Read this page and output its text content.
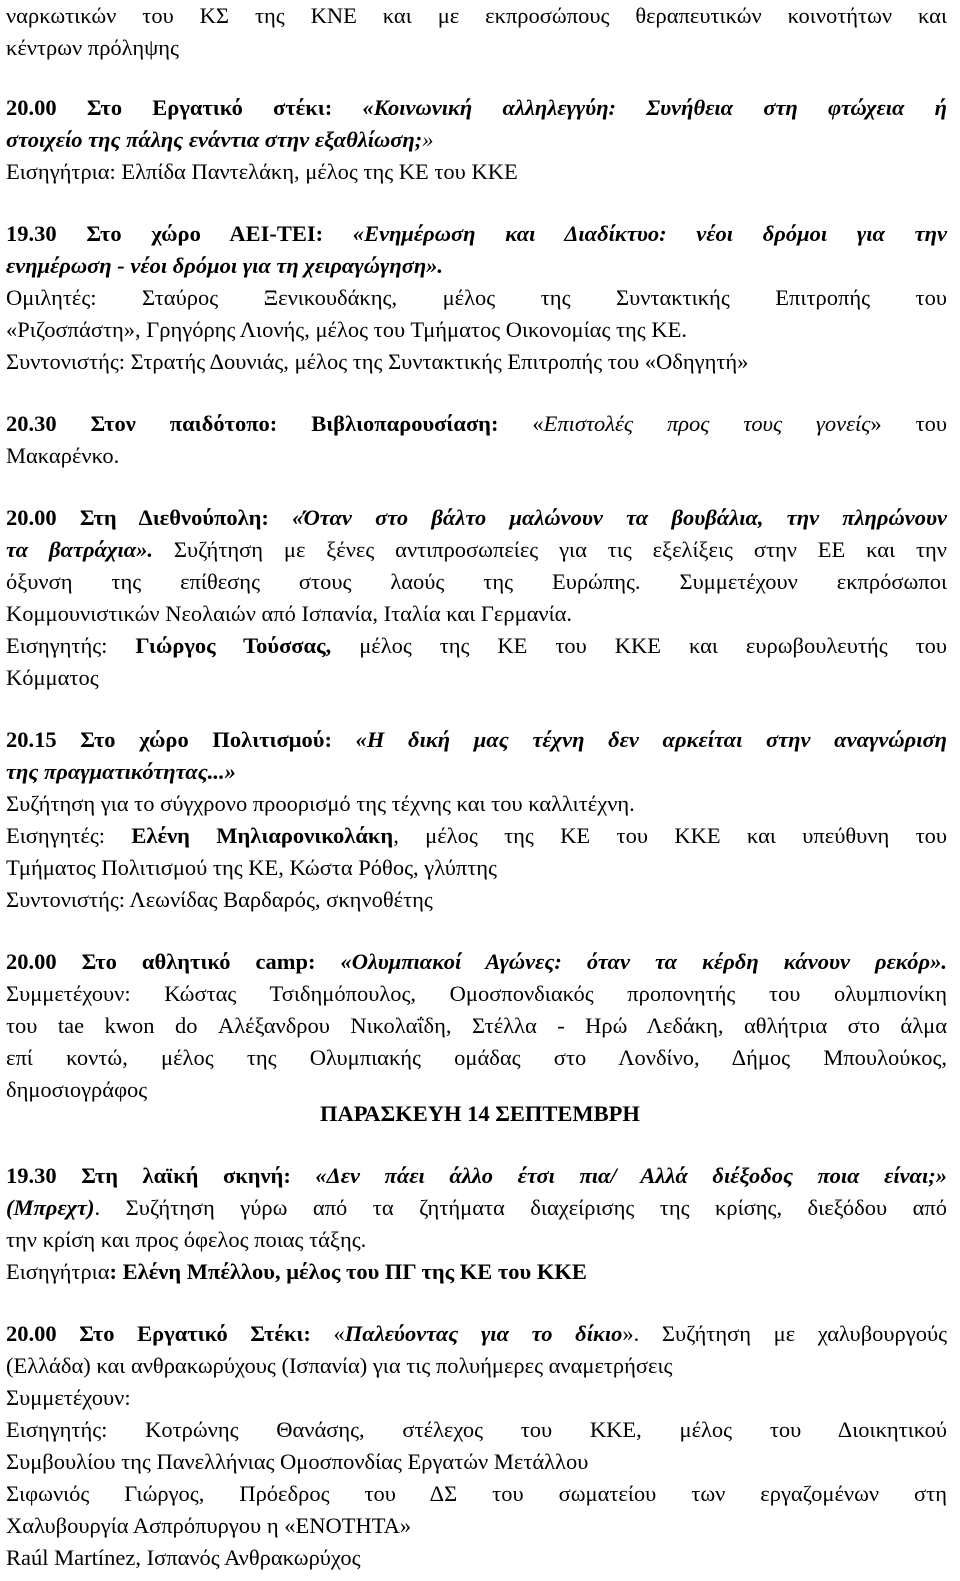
ναρκωτικών του ΚΣ της ΚΝΕ και με εκπροσώπους θεραπευτικών κοινοτήτων και
κέντρων πρόληψης
20.00 Στο Εργατικό στέκι: «Κοινωνική αλληλεγγύη: Συνήθεια στη φτώχεια ή
στοιχείο της πάλης ενάντια στην εξαθλίωση;»
Εισηγήτρια: Ελπίδα Παντελάκη, μέλος της ΚΕ του ΚΚΕ
19.30 Στο χώρο ΑΕΙ-ΤΕΙ: «Ενημέρωση και Διαδίκτυο: νέοι δρόμοι για την
ενημέρωση - νέοι δρόμοι για τη χειραγώγηση».
Ομιλητές: Σταύρος Ξενικουδάκης, μέλος της Συντακτικής Επιτροπής του
«Ριζοσπάστη», Γρηγόρης Λιονής, μέλος του Τμήματος Οικονομίας της ΚΕ.
Συντονιστής: Στρατής Δουνιάς, μέλος της Συντακτικής Επιτροπής του «Οδηγητή»
20.30 Στον παιδότοπο: Βιβλιοπαρουσίαση: «Επιστολές προς τους γονείς» του
Μακαρένκο.
20.00 Στη Διεθνούπολη: «Όταν στο βάλτο μαλώνουν τα βουβάλια, την πληρώνουν
τα βατράχια». Συζήτηση με ξένες αντιπροσωπείες για τις εξελίξεις στην ΕΕ και την
όξυνση της επίθεσης στους λαούς της Ευρώπης. Συμμετέχουν εκπρόσωποι
Κομμουνιστικών Νεολαιών από Ισπανία, Ιταλία και Γερμανία.
Εισηγητής: Γιώργος Τούσσας, μέλος της ΚΕ του ΚΚΕ και ευρωβουλευτής του
Κόμματος
20.15 Στο χώρο Πολιτισμού: «Η δική μας τέχνη δεν αρκείται στην αναγνώριση
της πραγματικότητας...»
Συζήτηση για το σύγχρονο προορισμό της τέχνης και του καλλιτέχνη.
Εισηγητές: Ελένη Μηλιαρονικολάκη, μέλος της ΚΕ του ΚΚΕ και υπεύθυνη του
Τμήματος Πολιτισμού της ΚΕ, Κώστα Ρόθος, γλύπτης
Συντονιστής: Λεωνίδας Βαρδαρός, σκηνοθέτης
20.00 Στο αθλητικό camp: «Ολυμπιακοί Αγώνες: όταν τα κέρδη κάνουν ρεκόρ».
Συμμετέχουν: Κώστας Τσιδημόπουλος, Ομοσπονδιακός προπονητής του ολυμπιονίκη
του tae kwon do Αλέξανδρου Νικολαΐδη, Στέλλα - Ηρώ Λεδάκη, αθλήτρια στο άλμα
επί κοντώ, μέλος της Ολυμπιακής ομάδας στο Λονδίνο, Δήμος Μπουλούκος,
δημοσιογράφος
ΠΑΡΑΣΚΕΥΗ 14 ΣΕΠΤΕΜΒΡΗ
19.30 Στη λαϊκή σκηνή: «Δεν πάει άλλο έτσι πια/ Αλλά διέξοδος ποια είναι;»
(Μπρεχτ). Συζήτηση γύρω από τα ζητήματα διαχείρισης της κρίσης, διεξόδου από
την κρίση και προς όφελος ποιας τάξης.
Εισηγήτρια: Ελένη Μπέλλου, μέλος του ΠΓ της ΚΕ του ΚΚΕ
20.00 Στο Εργατικό Στέκι: «Παλεύοντας για το δίκιο». Συζήτηση με χαλυβουργούς
(Ελλάδα) και ανθρακωρύχους (Ισπανία) για τις πολυήμερες αναμετρήσεις
Συμμετέχουν:
Εισηγητής: Κοτρώνης Θανάσης, στέλεχος του ΚΚΕ, μέλος του Διοικητικού
Συμβουλίου της Πανελλήνιας Ομοσπονδίας Εργατών Μετάλλου
Σιφωνιός Γιώργος, Πρόεδρος του ΔΣ του σωματείου των εργαζομένων στη
Χαλυβουργία Ασπρόπυργου η «ΕΝΟΤΗΤΑ»
Raúl Martínez, Ισπανός Ανθρακωρύχος
